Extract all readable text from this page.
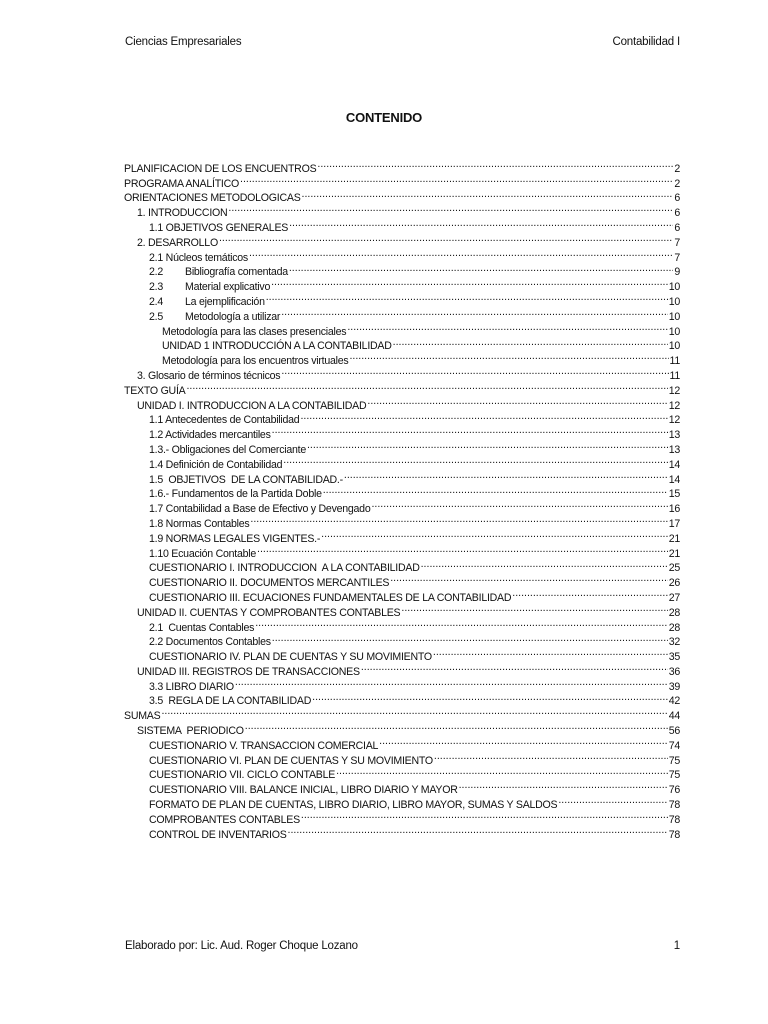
Ciencias Empresariales	Contabilidad I
CONTENIDO
PLANIFICACION DE LOS ENCUENTROS .....	2
PROGRAMA ANALÍTICO .....	2
ORIENTACIONES METODOLOGICAS .....	6
1. INTRODUCCION .....	6
1.1 OBJETIVOS GENERALES .....	6
2. DESARROLLO .....	7
2.1 Núcleos temáticos .....	7
2.2 Bibliografía comentada .....	9
2.3 Material explicativo .....	10
2.4 La ejemplificación .....	10
2.5 Metodología a utilizar .....	10
Metodología para las clases presenciales .....	10
UNIDAD 1 INTRODUCCIÓN A LA CONTABILIDAD .....	10
Metodología para los encuentros virtuales .....	11
3. Glosario de términos técnicos .....	11
TEXTO GUÍA .....	12
UNIDAD I. INTRODUCCION A LA CONTABILIDAD .....	12
1.1 Antecedentes de Contabilidad .....	12
1.2 Actividades mercantiles .....	13
1.3.- Obligaciones del Comerciante .....	13
1.4 Definición de Contabilidad .....	14
1.5  OBJETIVOS  DE LA CONTABILIDAD.- .....	14
1.6.- Fundamentos de la Partida Doble .....	15
1.7 Contabilidad a Base de Efectivo y Devengado .....	16
1.8 Normas Contables .....	17
1.9 NORMAS LEGALES VIGENTES.- .....	21
1.10 Ecuación Contable .....	21
CUESTIONARIO I. INTRODUCCION  A LA CONTABILIDAD .....	25
CUESTIONARIO II. DOCUMENTOS MERCANTILES .....	26
CUESTIONARIO III. ECUACIONES FUNDAMENTALES DE LA CONTABILIDAD .....	27
UNIDAD II. CUENTAS Y COMPROBANTES CONTABLES .....	28
2.1  Cuentas Contables .....	28
2.2 Documentos Contables .....	32
CUESTIONARIO IV. PLAN DE CUENTAS Y SU MOVIMIENTO .....	35
UNIDAD III. REGISTROS DE TRANSACCIONES .....	36
3.3 LIBRO DIARIO .....	39
3.5  REGLA DE LA CONTABILIDAD .....	42
SUMAS .....	44
SISTEMA  PERIODICO .....	56
CUESTIONARIO V. TRANSACCION COMERCIAL .....	74
CUESTIONARIO VI. PLAN DE CUENTAS Y SU MOVIMIENTO .....	75
CUESTIONARIO VII. CICLO CONTABLE .....	75
CUESTIONARIO VIII. BALANCE INICIAL, LIBRO DIARIO Y MAYOR .....	76
FORMATO DE PLAN DE CUENTAS, LIBRO DIARIO, LIBRO MAYOR, SUMAS Y SALDOS .....	78
COMPROBANTES CONTABLES .....	78
CONTROL DE INVENTARIOS .....	78
Elaborado por: Lic. Aud. Roger Choque Lozano	1
